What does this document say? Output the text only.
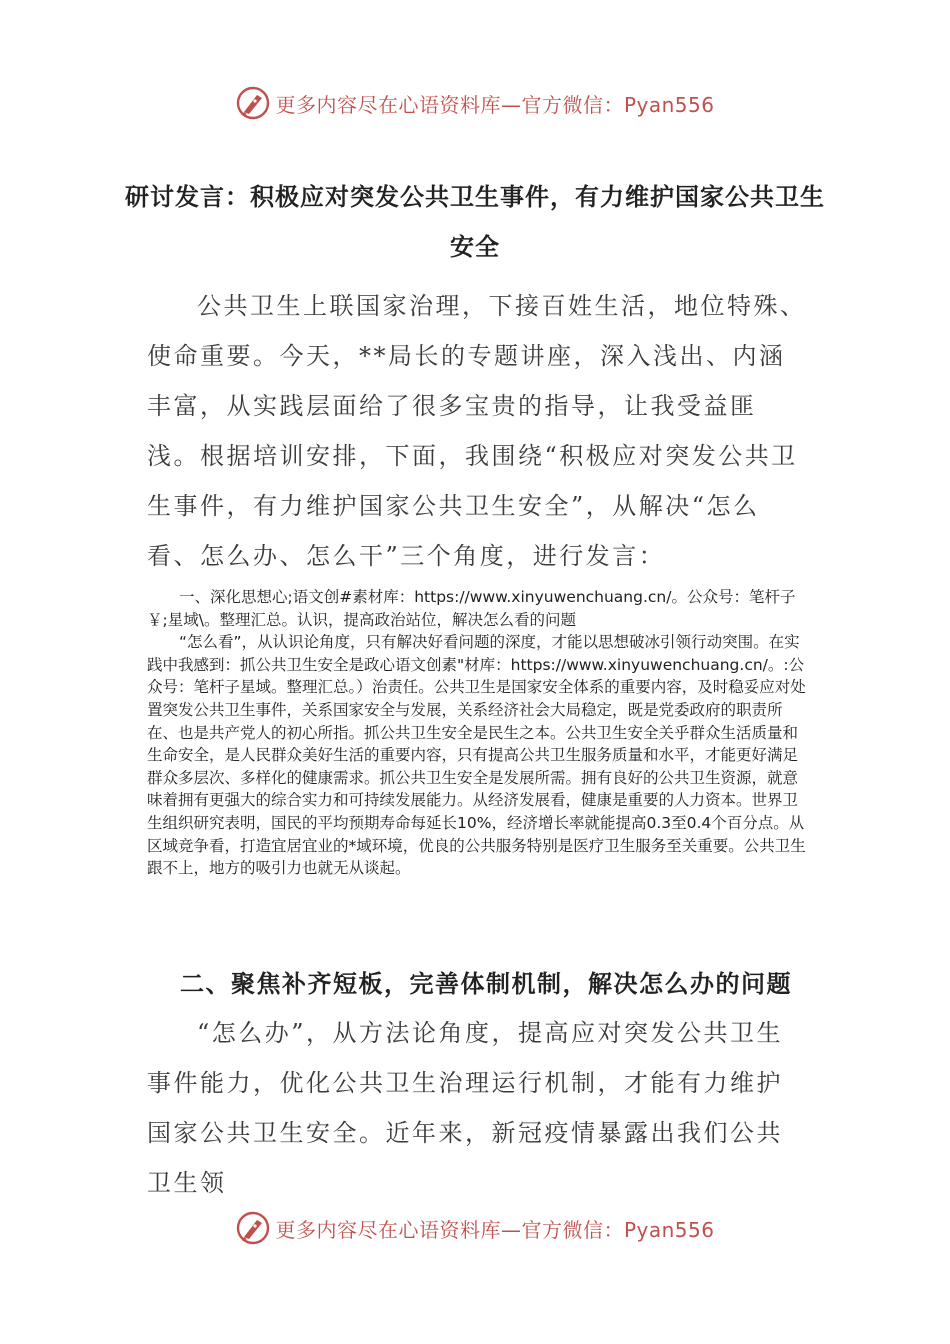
更多内容尽在心语资料库—官方微信：Pyan556
研讨发言：积极应对突发公共卫生事件，有力维护国家公共卫生安全

公共卫生上联国家治理，下接百姓生活，地位特殊、使命重要。今天，**局长的专题讲座，深入浅出、内涵丰富，从实践层面给了很多宝贵的指导，让我受益匪浅。根据培训安排，下面，我围绕“积极应对突发公共卫生事件，有力维护国家公共卫生安全”，从解决“怎么看、怎么办、怎么干”三个角度，进行发言：

一、深化思想心;语文创#素材库：https://www.xinyuwenchuang.cn/。公众号：笔杆子￥;星域\。整理汇总。认识，提高政治站位，解决怎么看的问题

“怎么看”，从认识论角度，只有解决好看问题的深度，才能以思想破冰引领行动突围。在实践中我感到：抓公共卫生安全是政心语文创素"材库：https://www.xinyuwenchuang.cn/。:公众号：笔杆子星域。整理汇总。）治责任。公共卫生是国家安全体系的重要内容，及时稳妥应对处置突发公共卫生事件，关系国家安全与发展，关系经济社会大局稳定，既是党委政府的职责所在、也是共产党人的初心所指。抓公共卫生安全是民生之本。公共卫生安全关乎群众生活质量和生命安全，是人民群众美好生活的重要内容，只有提高公共卫生服务质量和水平，才能更好满足群众多层次、多样化的健康需求。抓公共卫生安全是发展所需。拥有良好的公共卫生资源，就意味着拥有更强大的综合实力和可持续发展能力。从经济发展看，健康是重要的人力资本。世界卫生组织研究表明，国民的平均预期寿命每延长10%，经济增长率就能提高0.3至0.4个百分点。从区域竞争看，打造宜居宜业的*域环境，优良的公共服务特别是医疗卫生服务至关重要。公共卫生跟不上，地方的吸引力也就无从谈起。

二、聚焦补齐短板，完善体制机制，解决怎么办的问题

“怎么办”，从方法论角度，提高应对突发公共卫生事件能力，优化公共卫生治理运行机制，才能有力维护国家公共卫生安全。近年来，新冠疫情暴露出我们公共卫生领

更多内容尽在心语资料库—官方微信：Pyan556
